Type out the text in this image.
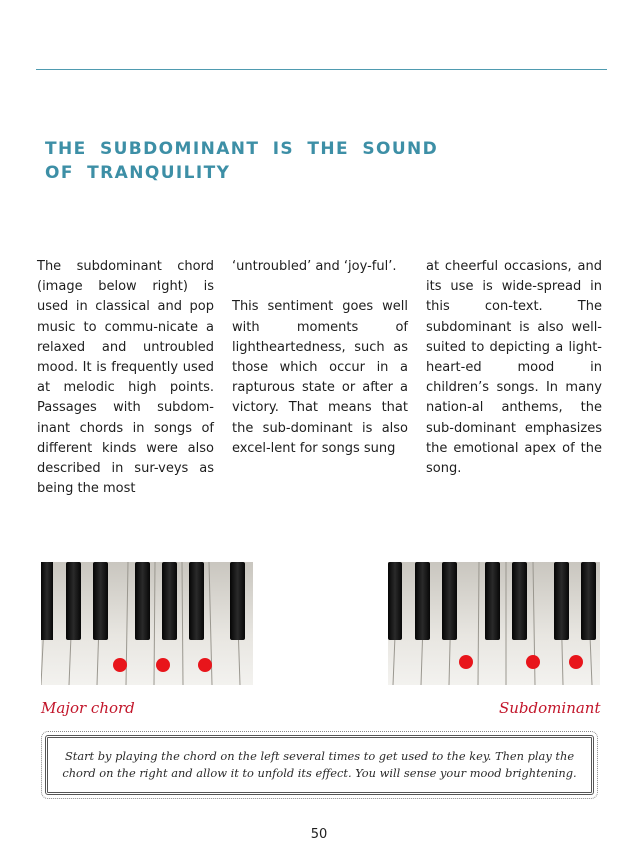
THE SUBDOMINANT IS THE SOUND OF TRANQUILITY

The subdominant chord (image below right) is used in classical and pop music to commu-nicate a relaxed and untroubled mood. It is frequently used at melodic high points. Passages with subdom-inant chords in songs of different kinds were also described in sur-veys as being the most

‘untroubled’ and ‘joy-ful’.

This sentiment goes well with moments of lightheartedness, such as those which occur in a rapturous state or after a victory. That means that the sub-dominant is also excel-lent for songs sung

at cheerful occasions, and its use is wide-spread in this con-text. The subdominant is also well-suited to depicting a light-heart-ed mood in children’s songs. In many nation-al anthems, the sub-dominant emphasizes the emotional apex of the song.

Major chord	Subdominant

Start by playing the chord on the left several times to get used to the key. Then play the chord on the right and allow it to unfold its effect. You will sense your mood brightening.

50
